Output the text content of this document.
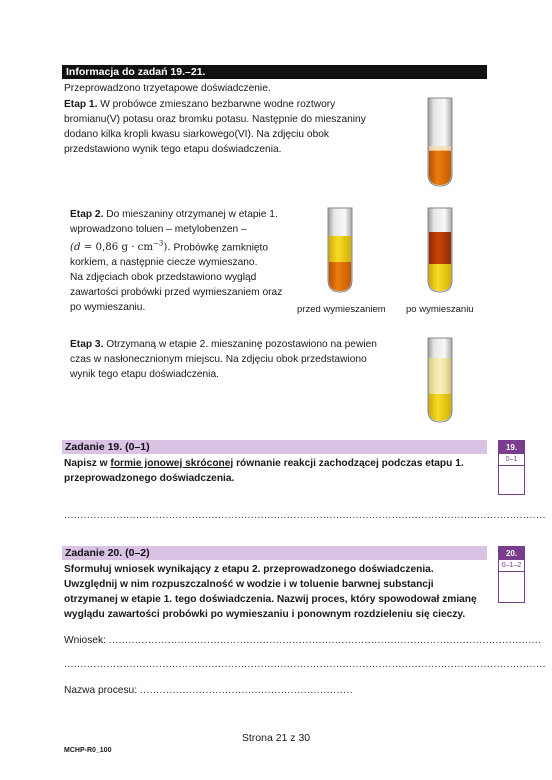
Informacja do zadań 19.–21.
Przeprowadzono trzyetapowe doświadczenie.
Etap 1. W probówce zmieszano bezbarwne wodne roztwory
bromianu(V) potasu oraz bromku potasu. Następnie do mieszaniny
dodano kilka kropli kwasu siarkowego(VI). Na zdjęciu obok
przedstawiono wynik tego etapu doświadczenia.
Etap 2. Do mieszaniny otrzymanej w etapie 1.
wprowadzono toluen – metylobenzen –
(d = 0,86 $g \cdot cm^{-3}$). Probówkę zamknięto
korkiem, a następnie ciecze wymieszano.
Na zdjęciach obok przedstawiono wygląd
zawartości probówki przed wymieszaniem oraz
po wymieszaniu.	przed wymieszaniem po wymieszaniu
Etap 3. Otrzymaną w etapie 2. mieszaninę pozostawiono na pewien
czas w nasłonecznionym miejscu. Na zdjęciu obok przedstawiono
wynik tego etapu doświadczenia.
Zadanie 19. (0–1)
Napisz w formie jonowej skróconej równanie reakcji zachodzącej podczas etapu 1.
przeprowadzonego doświadczenia.
...................................................................................................................................................
19.
0–1
Zadanie 20. (0–2)
Sformułuj wniosek wynikający z etapu 2. przeprowadzonego doświadczenia.
Uwzględnij w nim rozpuszczalność w wodzie i w toluenie barwnej substancji
otrzymanej w etapie 1. tego doświadczenia. Nazwij proces, który spowodował zmianę
wyglądu zawartości probówki po wymieszaniu i ponownym rozdzieleniu się cieczy.
Wniosek: ....................................................................................................................................
...................................................................................................................................................
Nazwa procesu: .................................................................
20.
0–1–2
Strona 21 z 30
MCHP-R0_100
